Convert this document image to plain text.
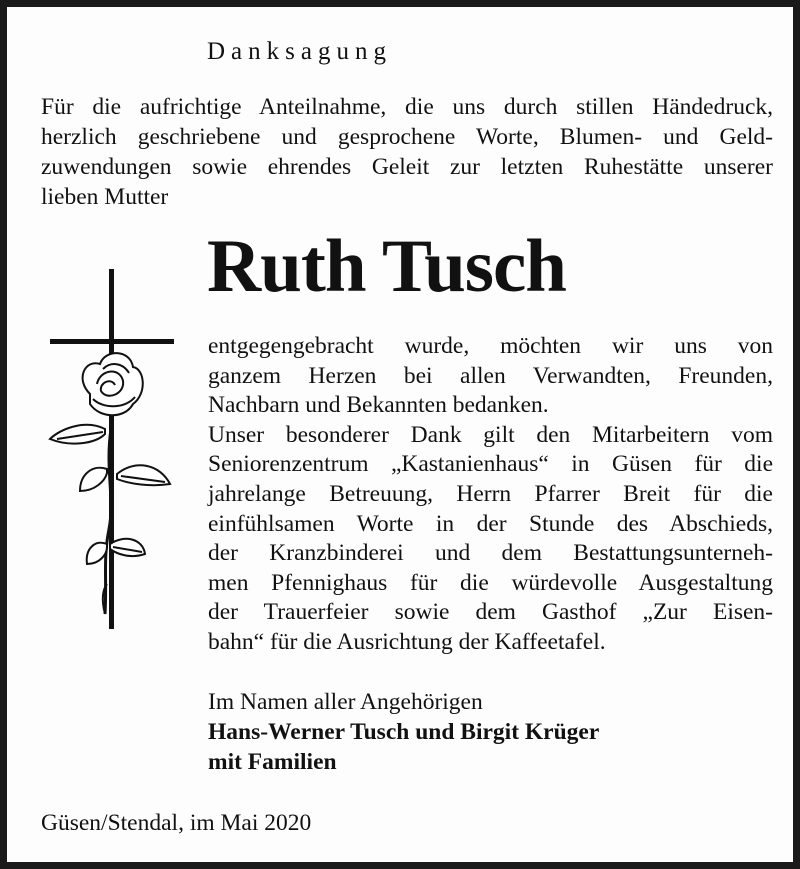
Danksagung
Für die aufrichtige Anteilnahme, die uns durch stillen Händedruck,
herzlich geschriebene und gesprochene Worte, Blumen- und Geld-
zuwendungen sowie ehrendes Geleit zur letzten Ruhestätte unserer
lieben Mutter
Ruth Tusch
entgegengebracht wurde, möchten wir uns von
ganzem Herzen bei allen Verwandten, Freunden,
Nachbarn und Bekannten bedanken.
Unser besonderer Dank gilt den Mitarbeitern vom
Seniorenzentrum „Kastanienhaus“ in Güsen für die
jahrelange Betreuung, Herrn Pfarrer Breit für die
einfühlsamen Worte in der Stunde des Abschieds,
der Kranzbinderei und dem Bestattungsunterneh-
men Pfennighaus für die würdevolle Ausgestaltung
der Trauerfeier sowie dem Gasthof „Zur Eisen-
bahn“ für die Ausrichtung der Kaffeetafel.
Im Namen aller Angehörigen
Hans-Werner Tusch und Birgit Krüger
mit Familien
Güsen/Stendal, im Mai 2020
